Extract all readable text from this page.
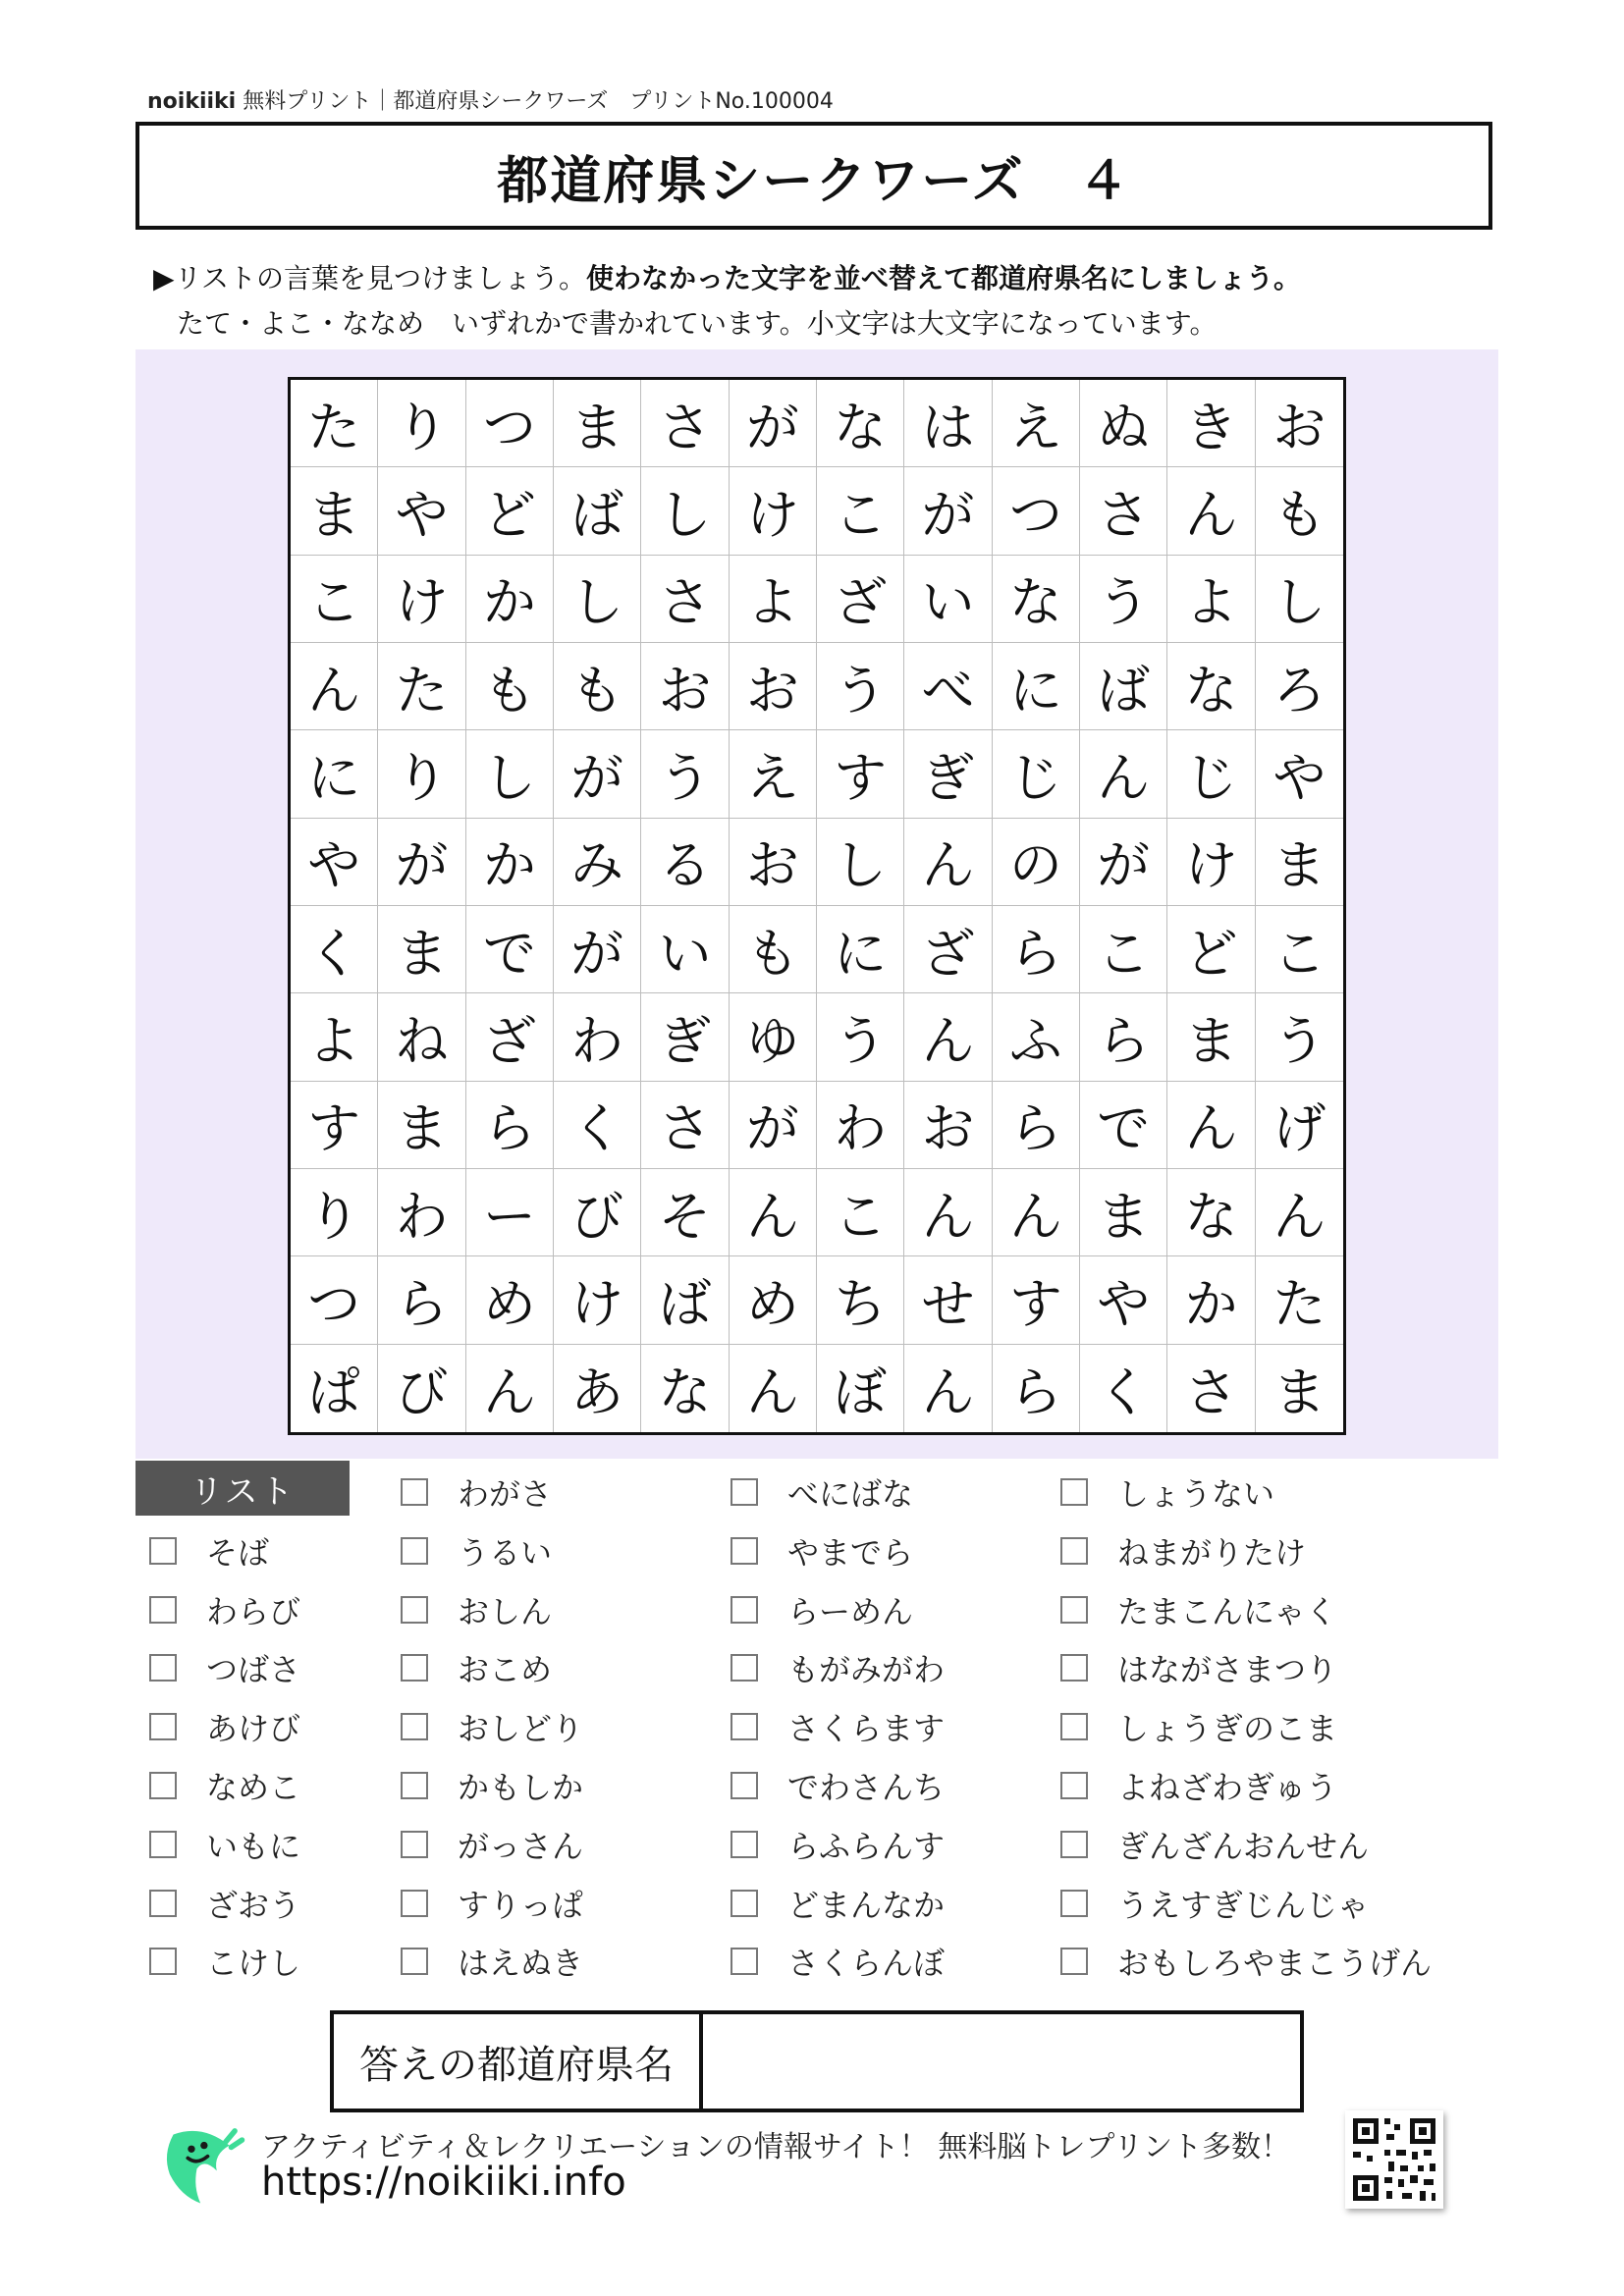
noikiiki 無料プリント｜都道府県シークワーズ　プリントNo.100004
都道府県シークワーズ　４
▶リストの言葉を見つけましょう。使わなかった文字を並べ替えて都道府県名にしましょう。
たて・よこ・ななめ　いずれかで書かれています。小文字は大文字になっています。
た り つ ま さ が な は え ぬ き お
ま や ど ば し け こ が つ さ ん も
こ け か し さ よ ざ い な う よ し
ん た も も お お う べ に ば な ろ
に り し が う え す ぎ じ ん じ や
や が か み る お し ん の が け ま
く ま で が い も に ざ ら こ ど こ
よ ね ざ わ ぎ ゆ う ん ふ ら ま う
す ま ら く さ が わ お ら で ん げ
り わ ー び そ ん こ ん ん ま な ん
つ ら め け ば め ち せ す や か た
ぱ び ん あ な ん ぼ ん ら く さ ま
リスト
そば
わらび
つばさ
あけび
なめこ
いもに
ざおう
こけし
わがさ
うるい
おしん
おこめ
おしどり
かもしか
がっさん
すりっぱ
はえぬき
べにばな
やまでら
らーめん
もがみがわ
さくらます
でわさんち
らふらんす
どまんなか
さくらんぼ
しょうない
ねまがりたけ
たまこんにゃく
はながさまつり
しょうぎのこま
よねざわぎゅう
ぎんざんおんせん
うえすぎじんじゃ
おもしろやまこうげん
答えの都道府県名
アクティビティ＆レクリエーションの情報サイト！ 無料脳トレプリント多数！
https://noikiiki.info
